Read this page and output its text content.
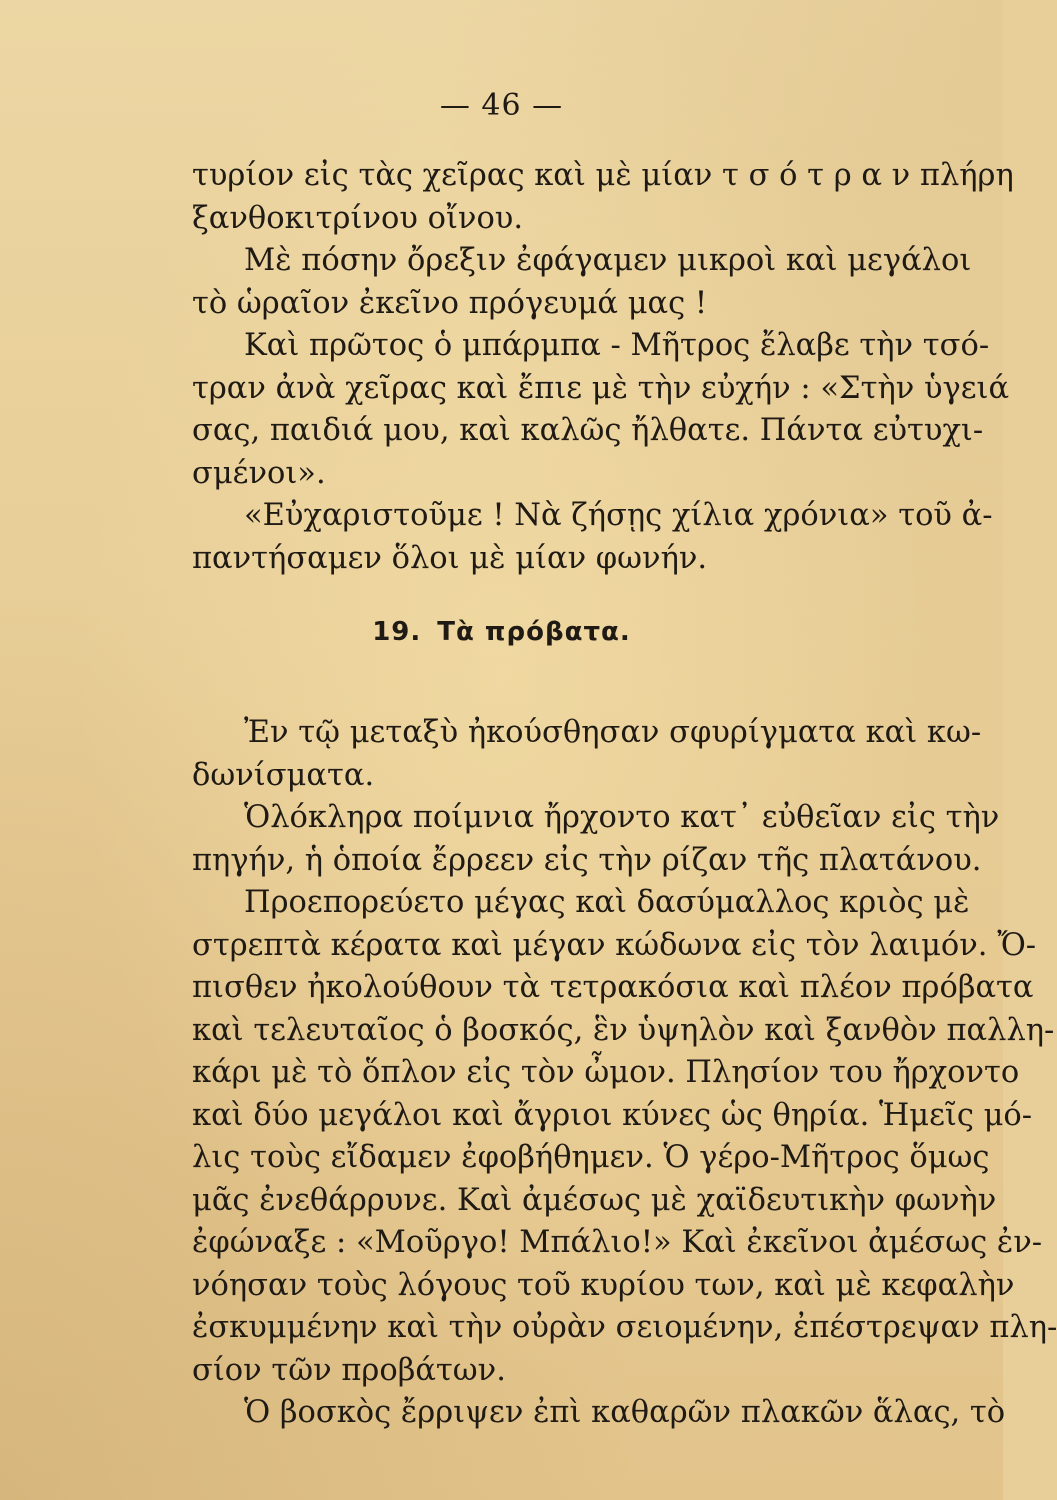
— 46 —
τυρίον εἰς τὰς χεῖρας καὶ μὲ μίαν τ σ ό τ ρ α ν πλήρη
ξανθοκιτρίνου οἴνου.
Μὲ πόσην ὄρεξιν ἐφάγαμεν μικροὶ καὶ μεγάλοι
τὸ ὡραῖον ἐκεῖνο πρόγευμά μας !
Καὶ πρῶτος ὁ μπάρμπα - Μῆτρος ἔλαβε τὴν τσό-
τραν ἀνὰ χεῖρας καὶ ἔπιε μὲ τὴν εὐχήν : «Στὴν ὑγειά
σας, παιδιά μου, καὶ καλῶς ἤλθατε. Πάντα εὐτυχι-
σμένοι».
«Εὐχαριστοῦμε ! Νὰ ζήσῃς χίλια χρόνια» τοῦ ἀ-
παντήσαμεν ὅλοι μὲ μίαν φωνήν.
19. Τὰ πρόβατα.
Ἐν τῷ μεταξὺ ἠκούσθησαν σφυρίγματα καὶ κω-
δωνίσματα.
Ὁλόκληρα ποίμνια ἤρχοντο κατ᾽ εὐθεῖαν εἰς τὴν
πηγήν, ἡ ὁποία ἔρρεεν εἰς τὴν ρίζαν τῆς πλατάνου.
Προεπορεύετο μέγας καὶ δασύμαλλος κριὸς μὲ
στρεπτὰ κέρατα καὶ μέγαν κώδωνα εἰς τὸν λαιμόν. Ὄ-
πισθεν ἠκολούθουν τὰ τετρακόσια καὶ πλέον πρόβατα
καὶ τελευταῖος ὁ βοσκός, ἓν ὑψηλὸν καὶ ξανθὸν παλλη-
κάρι μὲ τὸ ὅπλον εἰς τὸν ὦμον. Πλησίον του ἤρχοντο
καὶ δύο μεγάλοι καὶ ἄγριοι κύνες ὡς θηρία. Ἡμεῖς μό-
λις τοὺς εἴδαμεν ἐφοβήθημεν. Ὁ γέρο-Μῆτρος ὅμως
μᾶς ἐνεθάρρυνε. Καὶ ἀμέσως μὲ χαϊδευτικὴν φωνὴν
ἐφώναξε : «Μοῦργο! Μπάλιο!» Καὶ ἐκεῖνοι ἀμέσως ἐν-
νόησαν τοὺς λόγους τοῦ κυρίου των, καὶ μὲ κεφαλὴν
ἐσκυμμένην καὶ τὴν οὐρὰν σειομένην, ἐπέστρεψαν πλη-
σίον τῶν προβάτων.
Ὁ βοσκὸς ἔρριψεν ἐπὶ καθαρῶν πλακῶν ἅλας, τὸ
